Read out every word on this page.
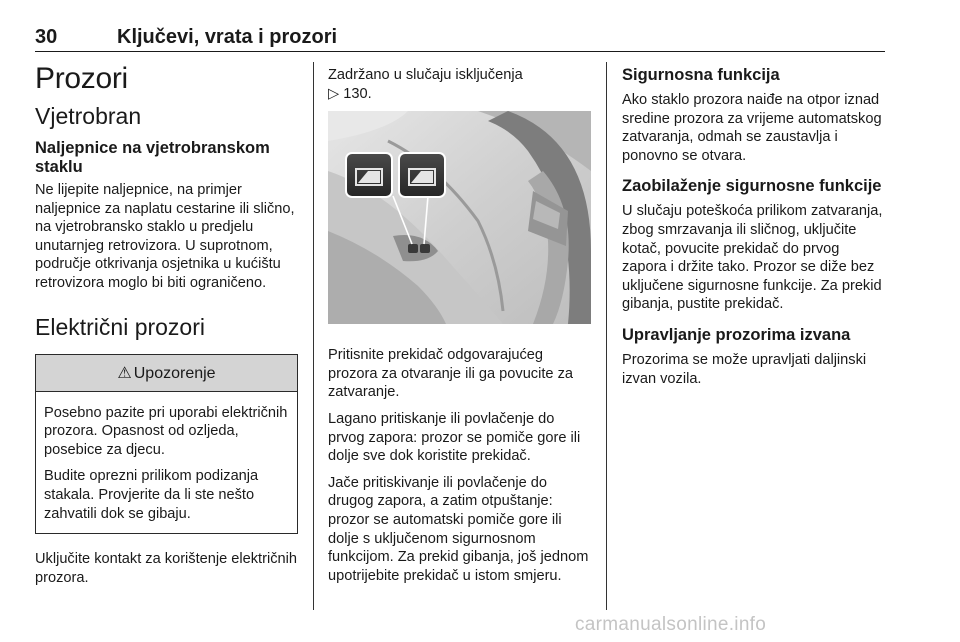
30	Ključevi, vrata i prozori
Prozori
Vjetrobran
Naljepnice na vjetrobranskom staklu

Ne lijepite naljepnice, na primjer naljepnice za naplatu cestarine ili slično, na vjetrobransko staklo u predjelu unutarnjeg retrovizora. U suprotnom, područje otkrivanja osjetnika u kućištu retrovizora moglo bi biti ograničeno.

Električni prozori
⚠ Upozorenje

Posebno pazite pri uporabi električnih prozora. Opasnost od ozljeda, posebice za djecu.

Budite oprezni prilikom podizanja stakala. Provjerite da li ste nešto zahvatili dok se gibaju.

Uključite kontakt za korištenje električnih prozora.

Zadržano u slučaju isključenja
▷ 130.

Pritisnite prekidač odgovarajućeg prozora za otvaranje ili ga povucite za zatvaranje.

Lagano pritiskanje ili povlačenje do prvog zapora: prozor se pomiče gore ili dolje sve dok koristite prekidač.

Jače pritiskivanje ili povlačenje do drugog zapora, a zatim otpuštanje: prozor se automatski pomiče gore ili dolje s uključenom sigurnosnom funkcijom. Za prekid gibanja, još jednom upotrijebite prekidač u istom smjeru.

Sigurnosna funkcija

Ako staklo prozora naiđe na otpor iznad sredine prozora za vrijeme automatskog zatvaranja, odmah se zaustavlja i ponovno se otvara.

Zaobilaženje sigurnosne funkcije

U slučaju poteškoća prilikom zatvaranja, zbog smrzavanja ili sličnog, uključite kotač, povucite prekidač do prvog zapora i držite tako. Prozor se diže bez uključene sigurnosne funkcije. Za prekid gibanja, pustite prekidač.

Upravljanje prozorima izvana

Prozorima se može upravljati daljinski izvan vozila.

carmanualsonline.info
